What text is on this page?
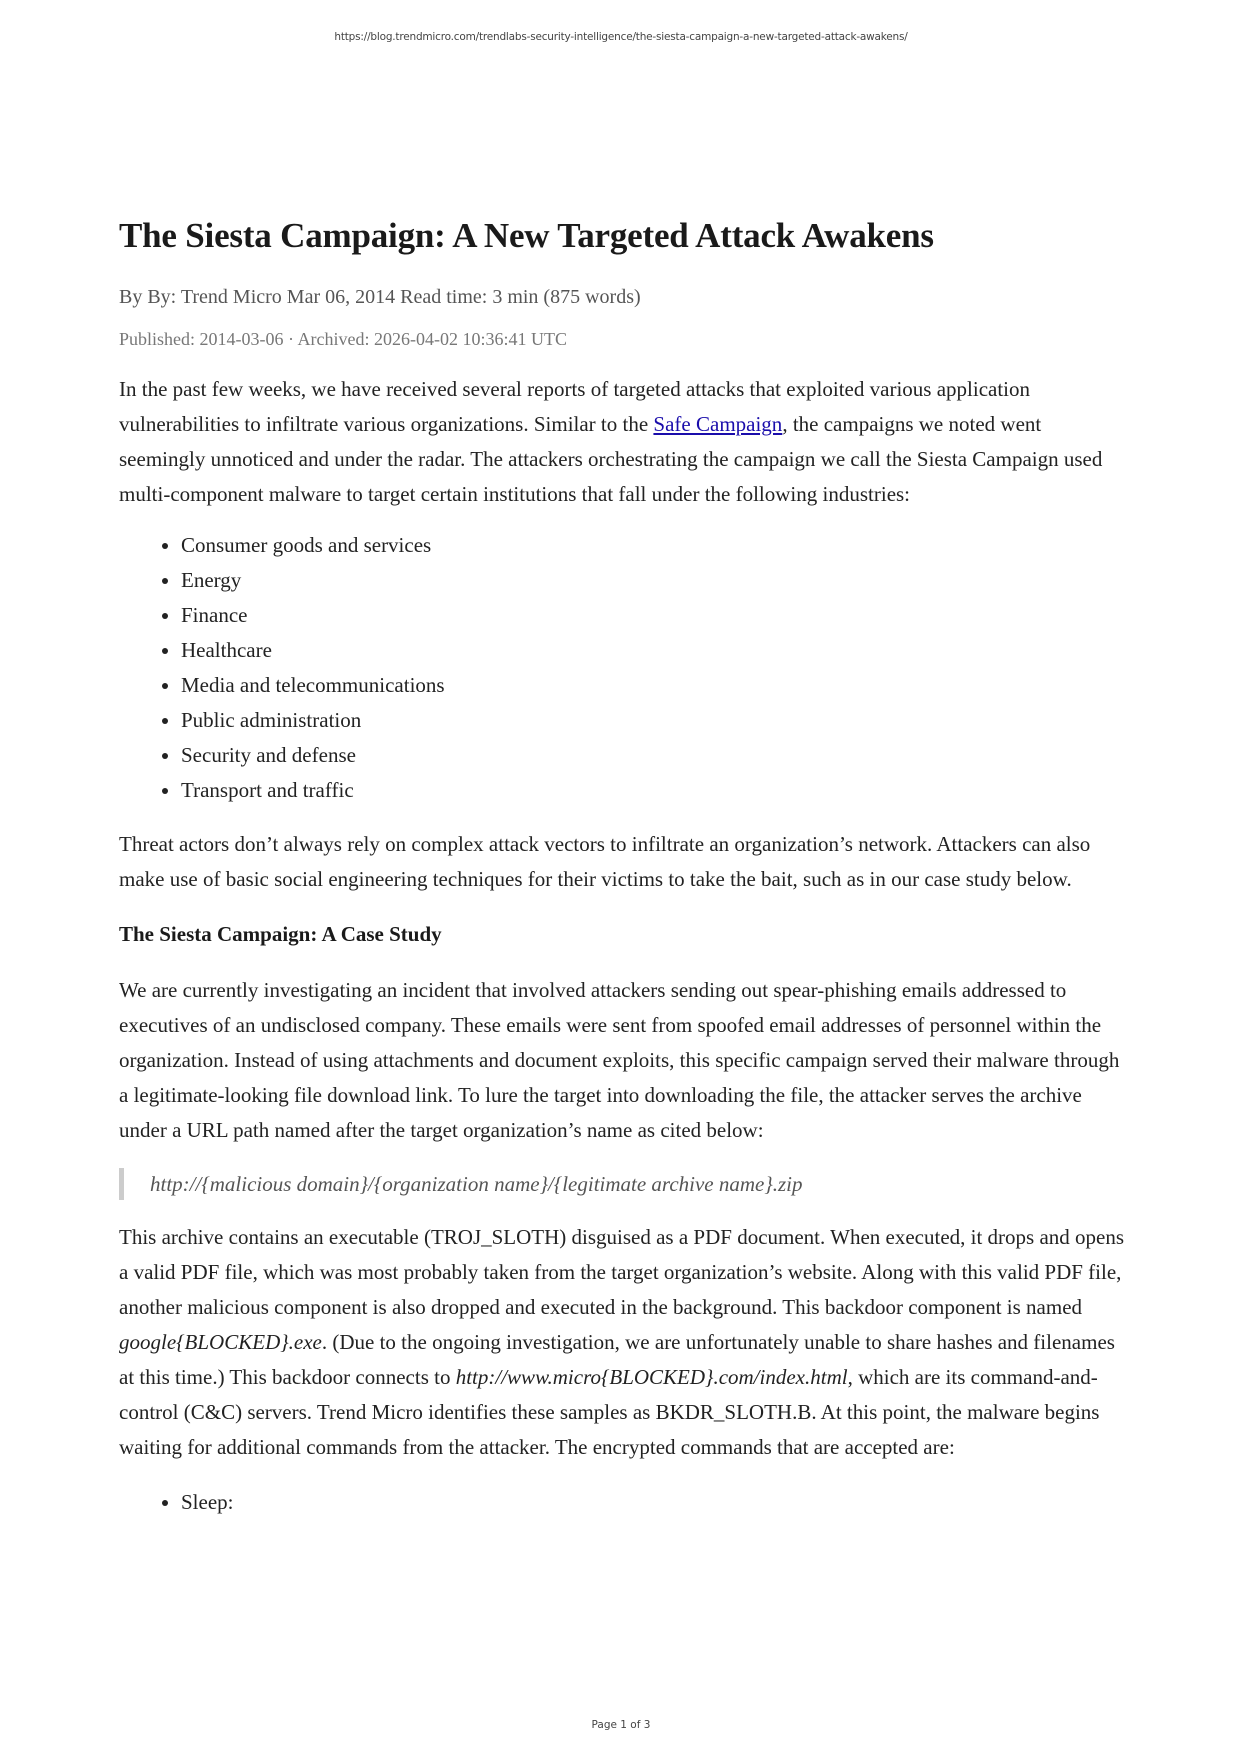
https://blog.trendmicro.com/trendlabs-security-intelligence/the-siesta-campaign-a-new-targeted-attack-awakens/
The Siesta Campaign: A New Targeted Attack Awakens
By By: Trend Micro Mar 06, 2014 Read time: 3 min (875 words)
Published: 2014-03-06 · Archived: 2026-04-02 10:36:41 UTC

In the past few weeks, we have received several reports of targeted attacks that exploited various application vulnerabilities to infiltrate various organizations. Similar to the Safe Campaign, the campaigns we noted went seemingly unnoticed and under the radar. The attackers orchestrating the campaign we call the Siesta Campaign used multi-component malware to target certain institutions that fall under the following industries:

• Consumer goods and services
• Energy
• Finance
• Healthcare
• Media and telecommunications
• Public administration
• Security and defense
• Transport and traffic

Threat actors don’t always rely on complex attack vectors to infiltrate an organization’s network. Attackers can also make use of basic social engineering techniques for their victims to take the bait, such as in our case study below.

The Siesta Campaign: A Case Study

We are currently investigating an incident that involved attackers sending out spear-phishing emails addressed to executives of an undisclosed company. These emails were sent from spoofed email addresses of personnel within the organization. Instead of using attachments and document exploits, this specific campaign served their malware through a legitimate-looking file download link. To lure the target into downloading the file, the attacker serves the archive under a URL path named after the target organization’s name as cited below:

http://{malicious domain}/{organization name}/{legitimate archive name}.zip

This archive contains an executable (TROJ_SLOTH) disguised as a PDF document. When executed, it drops and opens a valid PDF file, which was most probably taken from the target organization’s website. Along with this valid PDF file, another malicious component is also dropped and executed in the background. This backdoor component is named google{BLOCKED}.exe. (Due to the ongoing investigation, we are unfortunately unable to share hashes and filenames at this time.) This backdoor connects to http://www.micro{BLOCKED}.com/index.html, which are its command-and-control (C&C) servers. Trend Micro identifies these samples as BKDR_SLOTH.B. At this point, the malware begins waiting for additional commands from the attacker. The encrypted commands that are accepted are:

• Sleep:
Page 1 of 3
